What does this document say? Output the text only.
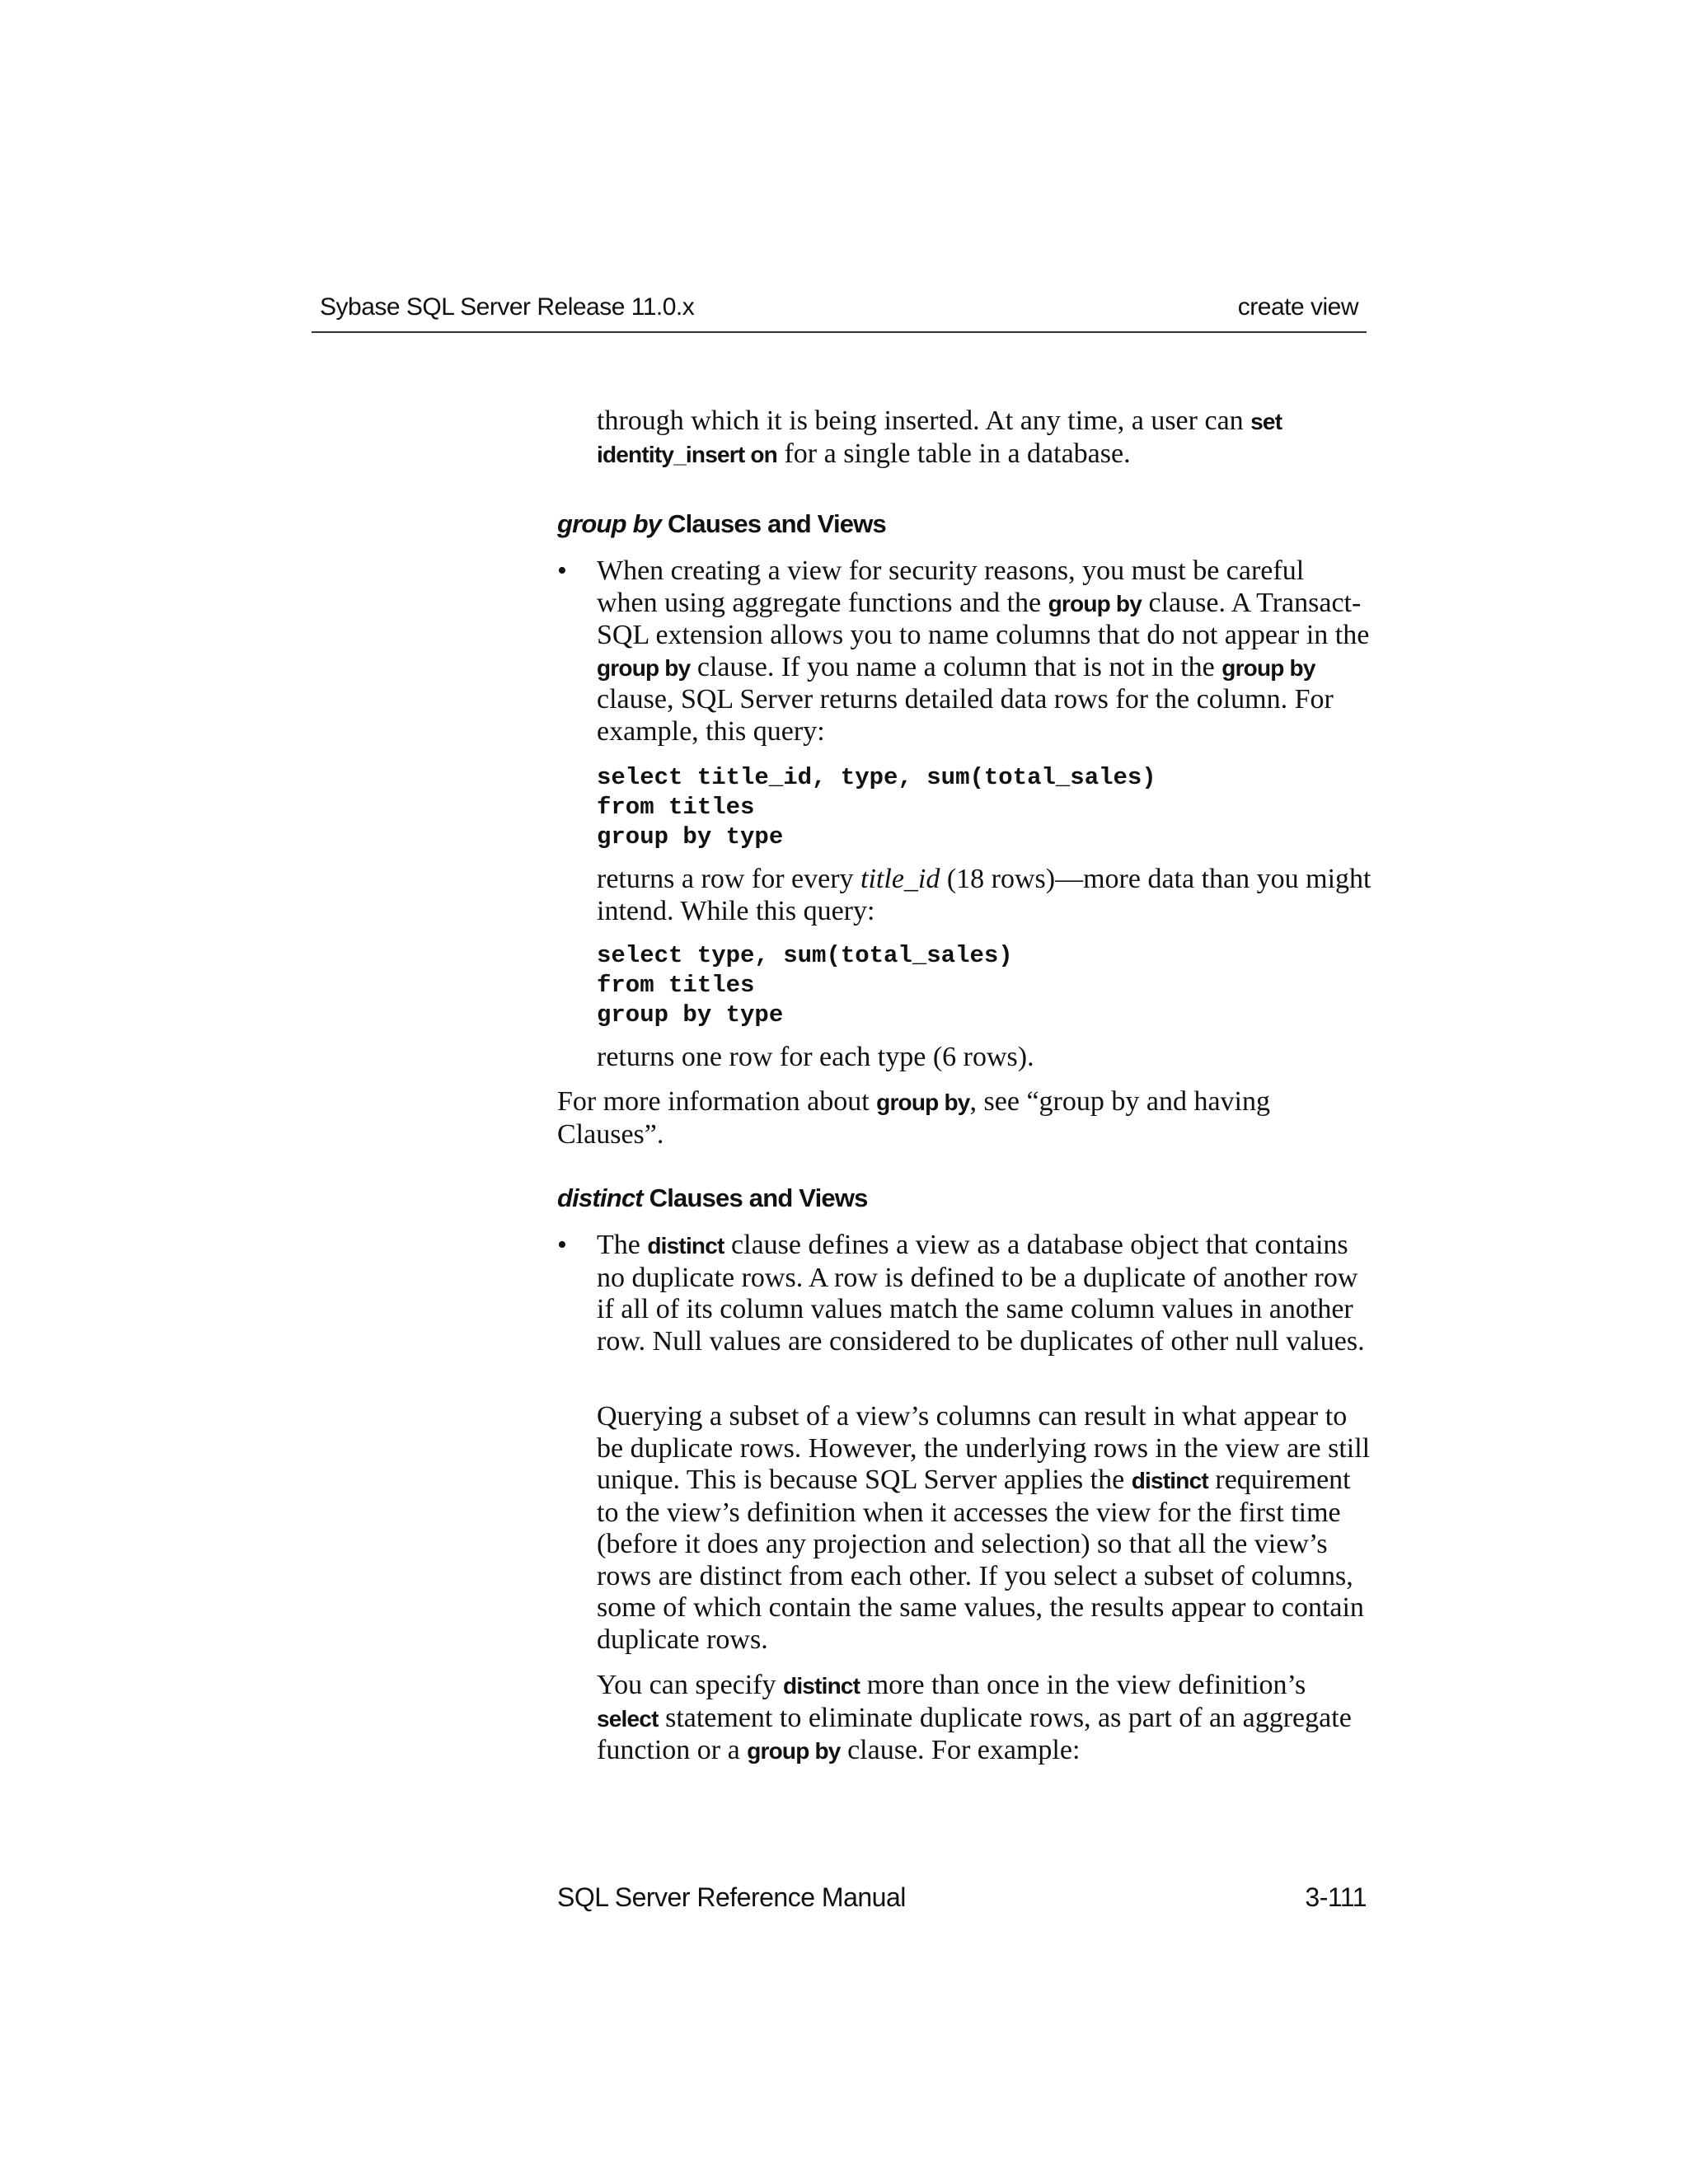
Sybase SQL Server Release 11.0.x	create view

through which it is being inserted. At any time, a user can set identity_insert on for a single table in a database.

group by Clauses and Views
• When creating a view for security reasons, you must be careful when using aggregate functions and the group by clause. A Transact-SQL extension allows you to name columns that do not appear in the group by clause. If you name a column that is not in the group by clause, SQL Server returns detailed data rows for the column. For example, this query:

select title_id, type, sum(total_sales)
from titles
group by type

returns a row for every title_id (18 rows)—more data than you might intend. While this query:

select type, sum(total_sales)
from titles
group by type

returns one row for each type (6 rows).

For more information about group by, see “group by and having Clauses”.

distinct Clauses and Views
• The distinct clause defines a view as a database object that contains no duplicate rows. A row is defined to be a duplicate of another row if all of its column values match the same column values in another row. Null values are considered to be duplicates of other null values.

Querying a subset of a view’s columns can result in what appear to be duplicate rows. However, the underlying rows in the view are still unique. This is because SQL Server applies the distinct requirement to the view’s definition when it accesses the view for the first time (before it does any projection and selection) so that all the view’s rows are distinct from each other. If you select a subset of columns, some of which contain the same values, the results appear to contain duplicate rows.

You can specify distinct more than once in the view definition’s select statement to eliminate duplicate rows, as part of an aggregate function or a group by clause. For example:

SQL Server Reference Manual	3-111
